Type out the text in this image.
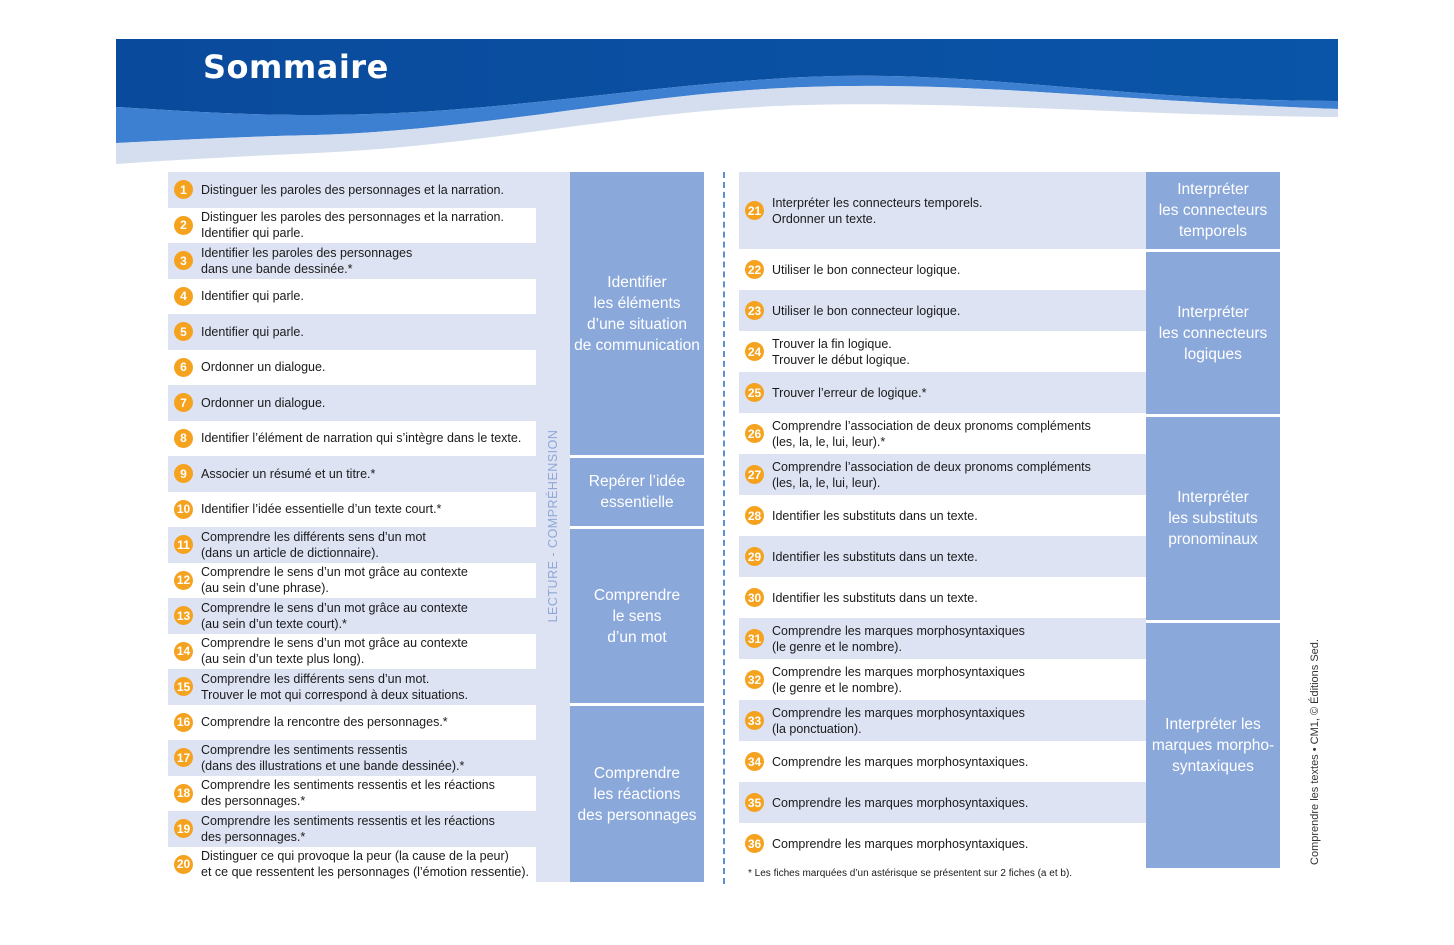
Sommaire
LECTURE - COMPRÉHENSION
1	Distinguer les paroles des personnages et la narration.
2
Distinguer les paroles des personnages et la narration.
Identifier qui parle.
3
Identifier les paroles des personnages
dans une bande dessinée.*
4	Identifier qui parle.
5	Identifier qui parle.
6	Ordonner un dialogue.
7	Ordonner un dialogue.
8	Identifier l’élément de narration qui s’intègre dans le texte.
9	Associer un résumé et un titre.*
10 Identifier l’idée essentielle d’un texte court.*
11
Comprendre les différents sens d’un mot
(dans un article de dictionnaire).
12
Comprendre le sens d’un mot grâce au contexte
(au sein d’une phrase).
13
Comprendre le sens d’un mot grâce au contexte
(au sein d’un texte court).*
14
Comprendre le sens d’un mot grâce au contexte
(au sein d’un texte plus long).
15
Comprendre les différents sens d’un mot.
Trouver le mot qui correspond à deux situations.
16 Comprendre la rencontre des personnages.*
17
Comprendre les sentiments ressentis
(dans des illustrations et une bande dessinée).*
18
Comprendre les sentiments ressentis et les réactions
des personnages.*
19
Comprendre les sentiments ressentis et les réactions
des personnages.*
20
Distinguer ce qui provoque la peur (la cause de la peur)
et ce que ressentent les personnages (l’émotion ressentie).
Identifier
les éléments
d’une situation
de communication
Repérer l’idée
essentielle
Comprendre
le sens
d’un mot
Comprendre
les réactions
des personnages
21
Interpréter les connecteurs temporels.
Ordonner un texte.
22 Utiliser le bon connecteur logique.
23 Utiliser le bon connecteur logique.
24
Trouver la fin logique.
Trouver le début logique.
25 Trouver l’erreur de logique.*
26
Comprendre l’association de deux pronoms compléments
(les, la, le, lui, leur).*
27
Comprendre l’association de deux pronoms compléments
(les, la, le, lui, leur).
28 Identifier les substituts dans un texte.
29 Identifier les substituts dans un texte.
30 Identifier les substituts dans un texte.
31
Comprendre les marques morphosyntaxiques
(le genre et le nombre).
32
Comprendre les marques morphosyntaxiques
(le genre et le nombre).
33
Comprendre les marques morphosyntaxiques
(la ponctuation).
34 Comprendre les marques morphosyntaxiques.
35 Comprendre les marques morphosyntaxiques.
36 Comprendre les marques morphosyntaxiques.
Interpréter
les connecteurs
temporels
Interpréter
les connecteurs
logiques
Interpréter
les substituts
pronominaux
Interpréter les
marques morpho-
syntaxiques
* Les fiches marquées d’un astérisque se présentent sur 2 fiches (a et b).
Comprendre les textes • CM1, © Éditions Sed.
